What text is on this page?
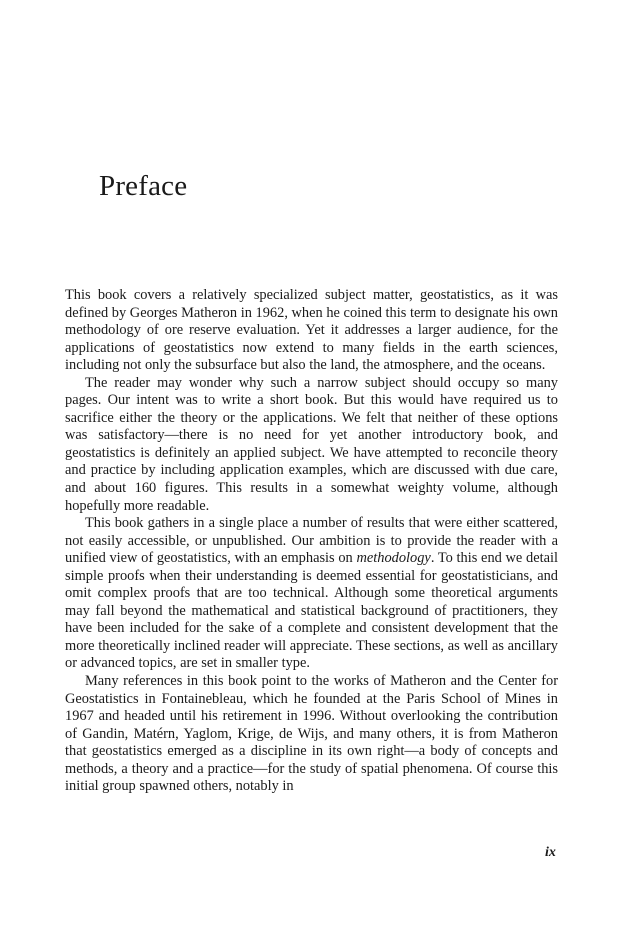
Preface

This book covers a relatively specialized subject matter, geostatistics, as it was defined by Georges Matheron in 1962, when he coined this term to designate his own methodology of ore reserve evaluation. Yet it addresses a larger audience, for the applications of geostatistics now extend to many fields in the earth sciences, including not only the subsurface but also the land, the atmosphere, and the oceans.

The reader may wonder why such a narrow subject should occupy so many pages. Our intent was to write a short book. But this would have required us to sacrifice either the theory or the applications. We felt that neither of these options was satisfactory—there is no need for yet another introductory book, and geostatistics is definitely an applied subject. We have attempted to reconcile theory and practice by including application examples, which are discussed with due care, and about 160 figures. This results in a somewhat weighty volume, although hopefully more readable.

This book gathers in a single place a number of results that were either scattered, not easily accessible, or unpublished. Our ambition is to provide the reader with a unified view of geostatistics, with an emphasis on methodology. To this end we detail simple proofs when their understanding is deemed essential for geostatisticians, and omit complex proofs that are too technical. Although some theoretical arguments may fall beyond the mathematical and statistical background of practitioners, they have been included for the sake of a complete and consistent development that the more theoretically inclined reader will appreciate. These sections, as well as ancillary or advanced topics, are set in smaller type.

Many references in this book point to the works of Matheron and the Center for Geostatistics in Fontainebleau, which he founded at the Paris School of Mines in 1967 and headed until his retirement in 1996. Without overlooking the contribution of Gandin, Matérn, Yaglom, Krige, de Wijs, and many others, it is from Matheron that geostatistics emerged as a discipline in its own right—a body of concepts and methods, a theory and a practice—for the study of spatial phenomena. Of course this initial group spawned others, notably in

ix
